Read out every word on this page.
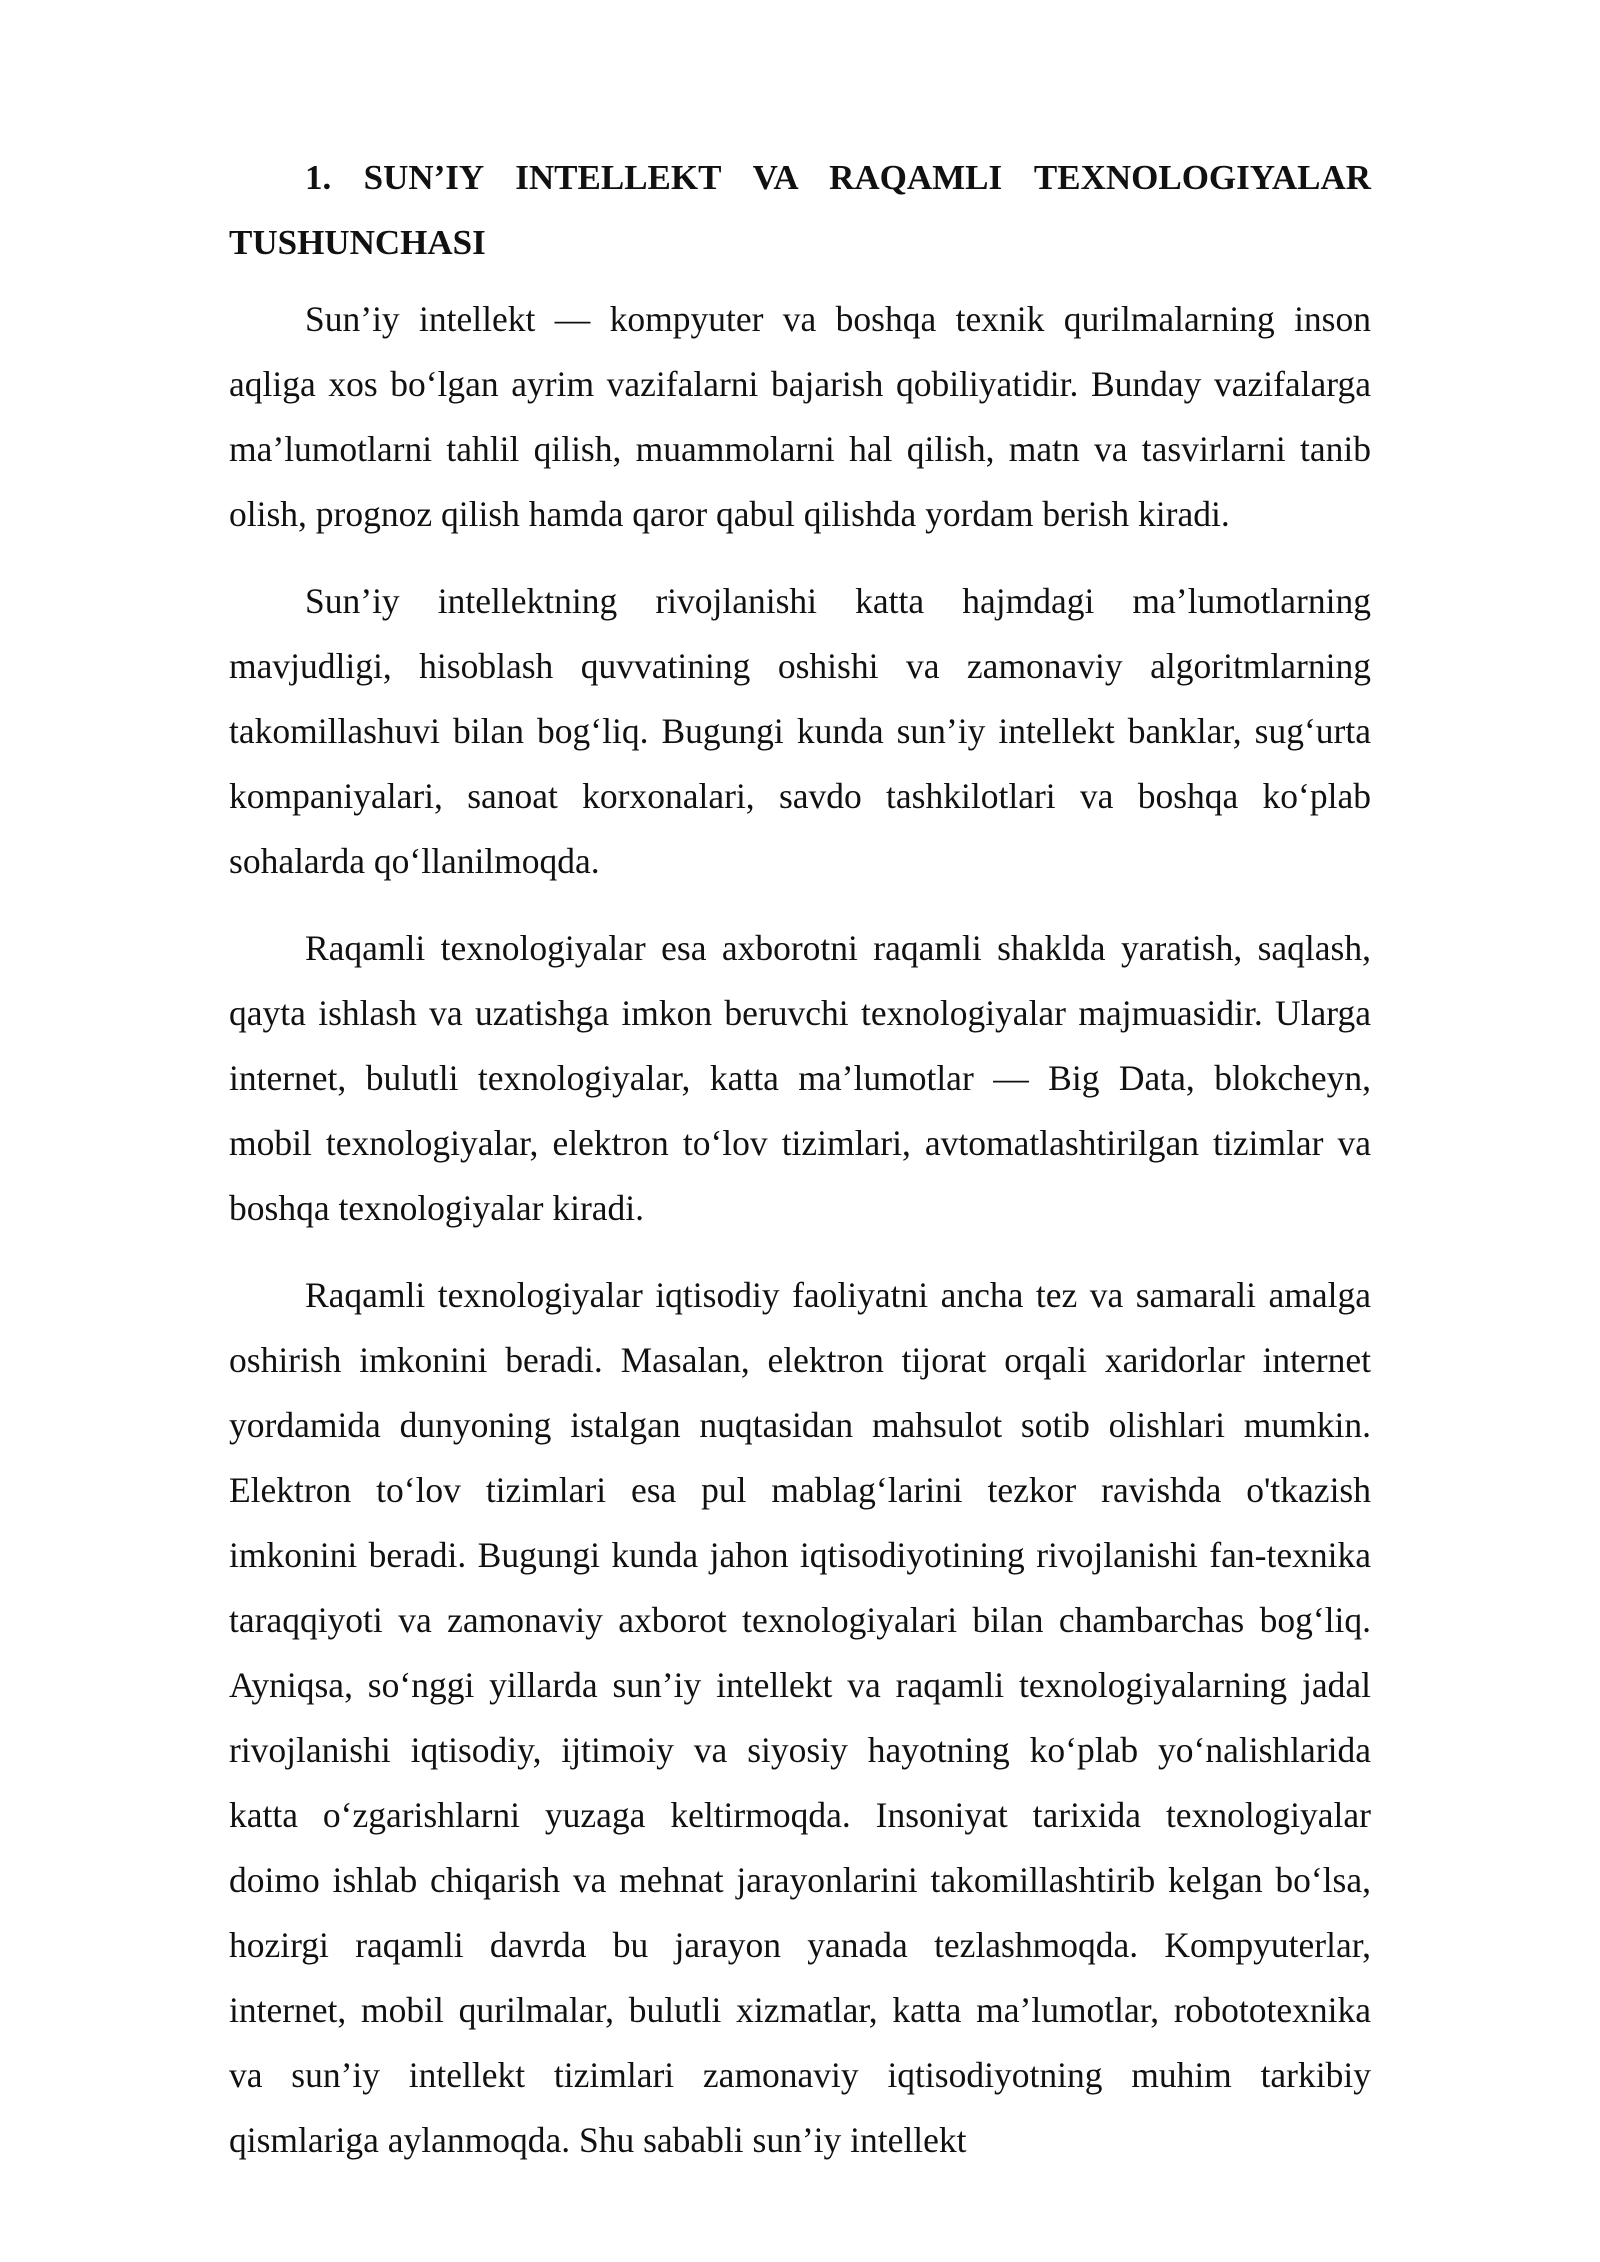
1. SUN’IY INTELLEKT VA RAQAMLI TEXNOLOGIYALAR TUSHUNCHASI

Sun’iy intellekt — kompyuter va boshqa texnik qurilmalarning inson aqliga xos bo‘lgan ayrim vazifalarni bajarish qobiliyatidir. Bunday vazifalarga ma’lumotlarni tahlil qilish, muammolarni hal qilish, matn va tasvirlarni tanib olish, prognoz qilish hamda qaror qabul qilishda yordam berish kiradi.

Sun’iy intellektning rivojlanishi katta hajmdagi ma’lumotlarning mavjudligi, hisoblash quvvatining oshishi va zamonaviy algoritmlarning takomillashuvi bilan bog‘liq. Bugungi kunda sun’iy intellekt banklar, sug‘urta kompaniyalari, sanoat korxonalari, savdo tashkilotlari va boshqa ko‘plab sohalarda qo‘llanilmoqda.

Raqamli texnologiyalar esa axborotni raqamli shaklda yaratish, saqlash, qayta ishlash va uzatishga imkon beruvchi texnologiyalar majmuasidir. Ularga internet, bulutli texnologiyalar, katta ma’lumotlar — Big Data, blokcheyn, mobil texnologiyalar, elektron to‘lov tizimlari, avtomatlashtirilgan tizimlar va boshqa texnologiyalar kiradi.

Raqamli texnologiyalar iqtisodiy faoliyatni ancha tez va samarali amalga oshirish imkonini beradi. Masalan, elektron tijorat orqali xaridorlar internet yordamida dunyoning istalgan nuqtasidan mahsulot sotib olishlari mumkin. Elektron to‘lov tizimlari esa pul mablag‘larini tezkor ravishda o'tkazish imkonini beradi. Bugungi kunda jahon iqtisodiyotining rivojlanishi fan-texnika taraqqiyoti va zamonaviy axborot texnologiyalari bilan chambarchas bog‘liq. Ayniqsa, so‘nggi yillarda sun’iy intellekt va raqamli texnologiyalarning jadal rivojlanishi iqtisodiy, ijtimoiy va siyosiy hayotning ko‘plab yo‘nalishlarida katta o‘zgarishlarni yuzaga keltirmoqda. Insoniyat tarixida texnologiyalar doimo ishlab chiqarish va mehnat jarayonlarini takomillashtirib kelgan bo‘lsa, hozirgi raqamli davrda bu jarayon yanada tezlashmoqda. Kompyuterlar, internet, mobil qurilmalar, bulutli xizmatlar, katta ma’lumotlar, robototexnika va sun’iy intellekt tizimlari zamonaviy iqtisodiyotning muhim tarkibiy qismlariga aylanmoqda. Shu sababli sun’iy intellekt
